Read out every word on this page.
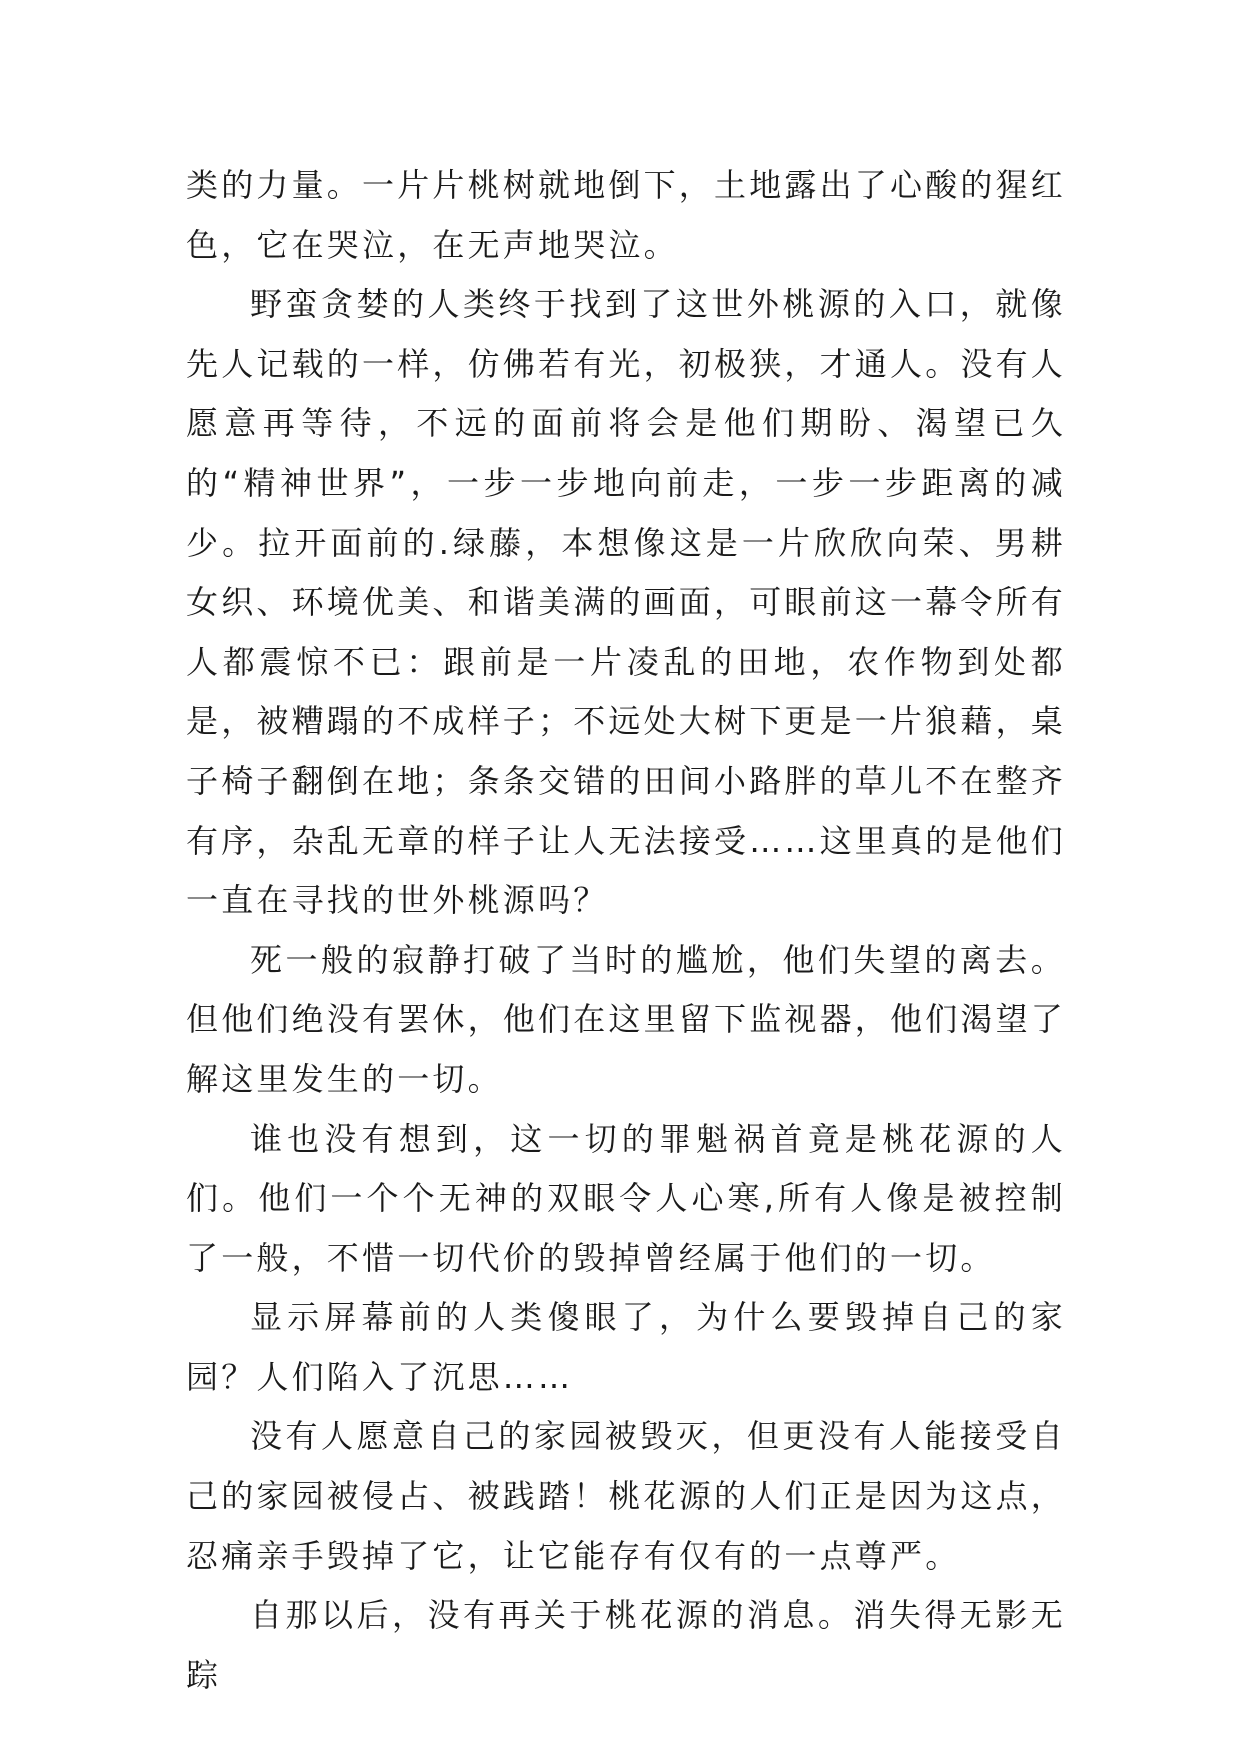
类的力量。一片片桃树就地倒下，土地露出了心酸的猩红色，它在哭泣，在无声地哭泣。

野蛮贪婪的人类终于找到了这世外桃源的入口，就像先人记载的一样，仿佛若有光，初极狭，才通人。没有人愿意再等待，不远的面前将会是他们期盼、渴望已久的“精神世界”，一步一步地向前走，一步一步距离的减少。拉开面前的.绿藤，本想像这是一片欣欣向荣、男耕女织、环境优美、和谐美满的画面，可眼前这一幕令所有人都震惊不已：跟前是一片凌乱的田地，农作物到处都是，被糟蹋的不成样子；不远处大树下更是一片狼藉，桌子椅子翻倒在地；条条交错的田间小路胖的草儿不在整齐有序，杂乱无章的样子让人无法接受……这里真的是他们一直在寻找的世外桃源吗？

死一般的寂静打破了当时的尴尬，他们失望的离去。但他们绝没有罢休，他们在这里留下监视器，他们渴望了解这里发生的一切。

谁也没有想到，这一切的罪魁祸首竟是桃花源的人们。他们一个个无神的双眼令人心寒,所有人像是被控制了一般，不惜一切代价的毁掉曾经属于他们的一切。

显示屏幕前的人类傻眼了，为什么要毁掉自己的家园？人们陷入了沉思……

没有人愿意自己的家园被毁灭，但更没有人能接受自己的家园被侵占、被践踏！桃花源的人们正是因为这点，忍痛亲手毁掉了它，让它能存有仅有的一点尊严。

自那以后，没有再关于桃花源的消息。消失得无影无踪
